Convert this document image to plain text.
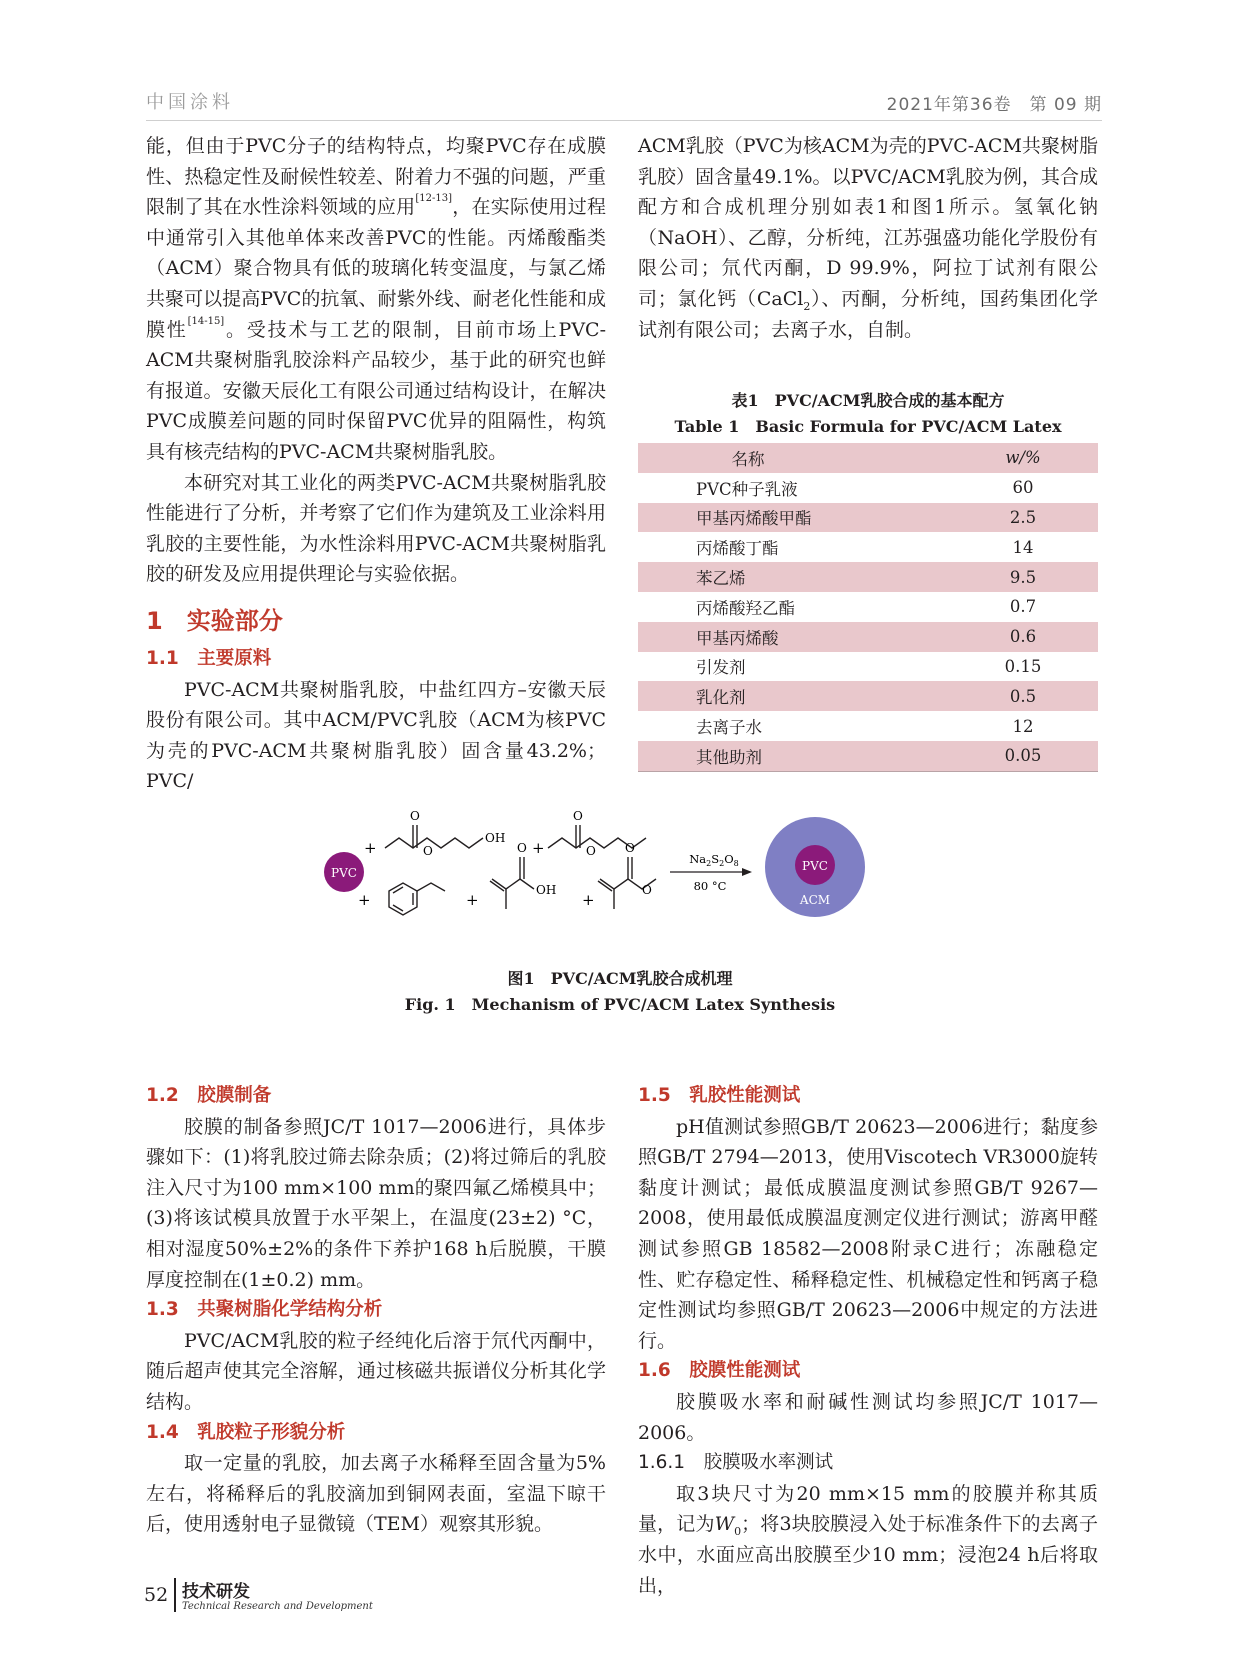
中国涂料	2021年第36卷　第 09 期

能，但由于PVC分子的结构特点，均聚PVC存在成膜性、热稳定性及耐候性较差、附着力不强的问题，严重限制了其在水性涂料领域的应用[12-13]，在实际使用过程中通常引入其他单体来改善PVC的性能。丙烯酸酯类（ACM）聚合物具有低的玻璃化转变温度，与氯乙烯共聚可以提高PVC的抗氧、耐紫外线、耐老化性能和成膜性[14-15]。受技术与工艺的限制，目前市场上PVC-ACM共聚树脂乳胶涂料产品较少，基于此的研究也鲜有报道。安徽天辰化工有限公司通过结构设计，在解决PVC成膜差问题的同时保留PVC优异的阻隔性，构筑具有核壳结构的PVC-ACM共聚树脂乳胶。

本研究对其工业化的两类PVC-ACM共聚树脂乳胶性能进行了分析，并考察了它们作为建筑及工业涂料用乳胶的主要性能，为水性涂料用PVC-ACM共聚树脂乳胶的研发及应用提供理论与实验依据。

1　实验部分

1.1　主要原料

PVC-ACM共聚树脂乳胶，中盐红四方–安徽天辰股份有限公司。其中ACM/PVC乳胶（ACM为核PVC为壳的PVC-ACM共聚树脂乳胶）固含量43.2%；PVC/

ACM乳胶（PVC为核ACM为壳的PVC-ACM共聚树脂乳胶）固含量49.1%。以PVC/ACM乳胶为例，其合成配方和合成机理分别如表1和图1所示。氢氧化钠（NaOH）、乙醇，分析纯，江苏强盛功能化学股份有限公司；氘代丙酮，D 99.9%，阿拉丁试剂有限公司；氯化钙（CaCl$_2$）、丙酮，分析纯，国药集团化学试剂有限公司；去离子水，自制。

表1　PVC/ACM乳胶合成的基本配方
Table 1　Basic Formula for PVC/ACM Latex Synthesis
名称	w/%
PVC种子乳液	60
甲基丙烯酸甲酯	2.5
丙烯酸丁酯	14
苯乙烯	9.5
丙烯酸羟乙酯	0.7
甲基丙烯酸	0.6
引发剂	0.15
乳化剂	0.5
去离子水	12
其他助剂	0.05
PVC
+	+
+	+	+
O
O
OH
O
O
O
OH
O
O
$Na_2S_2O_8$
80 °C
PVC
ACM
图1　PVC/ACM乳胶合成机理
Fig. 1　Mechanism of PVC/ACM Latex Synthesis

1.2　胶膜制备

胶膜的制备参照JC/T 1017—2006进行，具体步骤如下：(1)将乳胶过筛去除杂质；(2)将过筛后的乳胶注入尺寸为100 mm×100 mm的聚四氟乙烯模具中；(3)将该试模具放置于水平架上，在温度(23±2) °C，相对湿度50%±2%的条件下养护168 h后脱膜，干膜厚度控制在(1±0.2) mm。

1.3　共聚树脂化学结构分析

PVC/ACM乳胶的粒子经纯化后溶于氘代丙酮中，随后超声使其完全溶解，通过核磁共振谱仪分析其化学结构。

1.4　乳胶粒子形貌分析

取一定量的乳胶，加去离子水稀释至固含量为5%左右，将稀释后的乳胶滴加到铜网表面，室温下晾干后，使用透射电子显微镜（TEM）观察其形貌。

1.5　乳胶性能测试

pH值测试参照GB/T 20623—2006进行；黏度参照GB/T 2794—2013，使用Viscotech VR3000旋转黏度计测试；最低成膜温度测试参照GB/T 9267—2008，使用最低成膜温度测定仪进行测试；游离甲醛测试参照GB 18582—2008附录C进行；冻融稳定性、贮存稳定性、稀释稳定性、机械稳定性和钙离子稳定性测试均参照GB/T 20623—2006中规定的方法进行。

1.6　胶膜性能测试

胶膜吸水率和耐碱性测试均参照JC/T 1017—2006。

1.6.1　胶膜吸水率测试

取3块尺寸为20 mm×15 mm的胶膜并称其质量，记为$W_0$；将3块胶膜浸入处于标准条件下的去离子水中，水面应高出胶膜至少10 mm；浸泡24 h后将取出，

52 技术研发
Technical Research and Development
